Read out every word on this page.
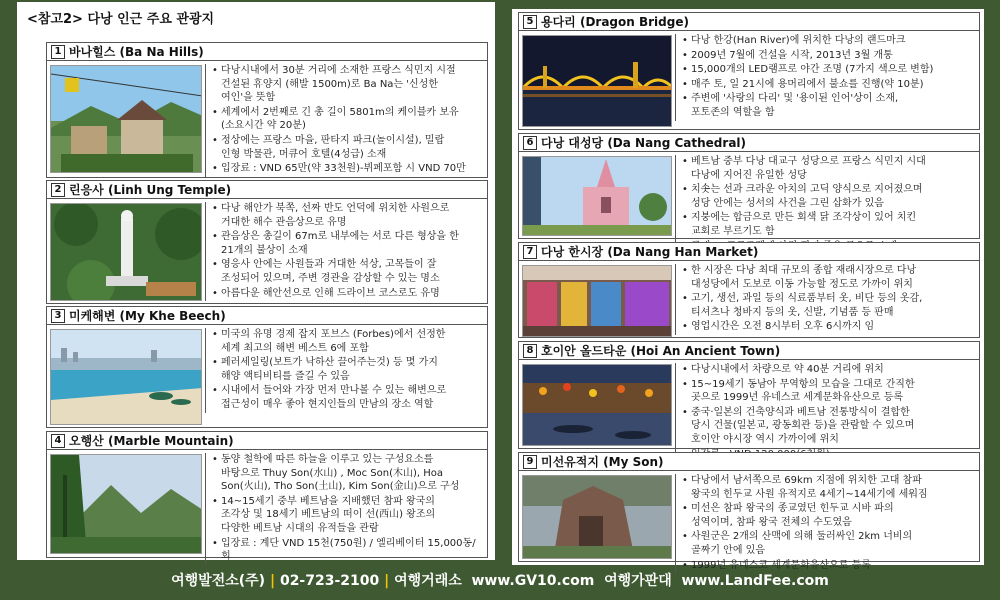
<참고2> 다낭 인근 주요 관광지
1 바나힐스 (Ba Na Hills)
• 다낭시내에서 30분 거리에 소재한 프랑스 식민지 시절
건설된 휴양지 (해발 1500m)로 Ba Na는 '신성한
여인'을 뜻함
• 세계에서 2번째로 긴 총 길이 5801m의 케이블카 보유
(소요시간 약 20분)
• 정상에는 프랑스 마을, 판타지 파크(놀이시설), 밀랍
인형 박물관, 머큐어 호텔(4성급) 소재
• 입장료 : VND 65만(약 33천원)-뷔페포함 시 VND 70만
2 린응사 (Linh Ung Temple)
• 다낭 해안가 북쪽, 선짜 반도 언덕에 위치한 사원으로
거대한 해수 관음상으로 유명
• 관음상은 총길이 67m로 내부에는 서로 다른 형상을 한
21개의 불상이 소재
• 영응사 안에는 사원들과 거대한 석상, 고목들이 잘
조성되어 있으며, 주변 경관을 감상할 수 있는 명소
• 아름다운 해안선으로 인해 드라이브 코스로도 유명
3 미케해변 (My Khe Beech)
• 미국의 유명 경제 잡지 포브스 (Forbes)에서 선정한
세계 최고의 해변 베스트 6에 포함
• 페러세일링(보트가 낙하산 끌어주는것) 등 몇 가지
해양 액티비티를 즐길 수 있음
• 시내에서 들어와 가장 먼저 만나볼 수 있는 해변으로
접근성이 매우 좋아 현지인들의 만남의 장소 역할
4 오행산 (Marble Mountain)
• 동양 철학에 따른 하늘을 이루고 있는 구성요소를
바탕으로 Thuy Son(水山) , Moc Son(木山), Hoa
Son(火山), Tho Son(土山), Kim Son(金山)으로 구성
• 14~15세기 중부 베트남을 지배했던 참파 왕국의
조각상 및 18세기 베트남의 떠이 선(西山) 왕조의
다양한 베트남 시대의 유적들을 관람
• 입장료 : 계단 VND 15천(750원) / 엘리베이터 15,000동/회
5 용다리 (Dragon Bridge)
• 다낭 한강(Han River)에 위치한 다낭의 랜드마크
• 2009년 7월에 건설을 시작, 2013년 3월 개통
• 15,000개의 LED램프로 야간 조명 (7가지 색으로 변함)
• 매주 토, 일 21시에 용머리에서 불쇼를 진행(약 10분)
• 주변에 '사랑의 다리' 및 '용이된 인어'상이 소재,
포토존의 역할을 함
6 다낭 대성당 (Da Nang Cathedral)
• 베트남 중부 다낭 대교구 성당으로 프랑스 식민지 시대
다낭에 지어진 유일한 성당
• 치솟는 선과 크라운 아치의 고딕 양식으로 지어졌으며
성당 안에는 성서의 사건을 그린 삽화가 있음
• 지붕에는 합금으로 만든 회색 닭 조각상이 있어 치킨
교회로 부르기도 함
•
7 다낭 한시장 (Da Nang Han Market)
• 한 시장은 다낭 최대 규모의 종합 재래시장으로 다낭
대성당에서 도보로 이동 가능할 정도로 가까이 위치
• 고기, 생선, 과일 등의 식료품부터 옷, 비단 등의 옷감,
티셔츠나 청바지 등의 옷, 신발, 기념품 등 판매
• 영업시간은 오전 8시부터 오후 6시까지 임
8 호이안 올드타운 (Hoi An Ancient Town)
• 다낭시내에서 차량으로 약 40분 거리에 위치
• 15~19세기 동남아 무역항의 모습을 그대로 간직한
곳으로 1999년 유네스코 세계문화유산으로 등록
• 중국·일본의 건축양식과 베트남 전통방식이 결합한
당시 건물(일본교, 광동회관 등)을 관람할 수 있으며
호이안 야시장 역시 가까이에 위치
•
9 미선유적지 (My Son)
• 다낭에서 남서쪽으로 69km 지점에 위치한 고대 참파
왕국의 힌두교 사원 유적지로 4세기~14세기에 세워짐
• 미선은 참파 왕국의 종교였던 힌두교 시바 파의
성역이며, 참파 왕국 전체의 수도였음
• 사원군은 2개의 산맥에 의해 둘러싸인 2km 너비의
골짜기 안에 있음
• 1999년 유네스코 세계문화유산으로 등록
여행발전소(주) | 02-723-2100 | 여행거래소 www.GV10.com 여행가판대 www.LandFee.com
